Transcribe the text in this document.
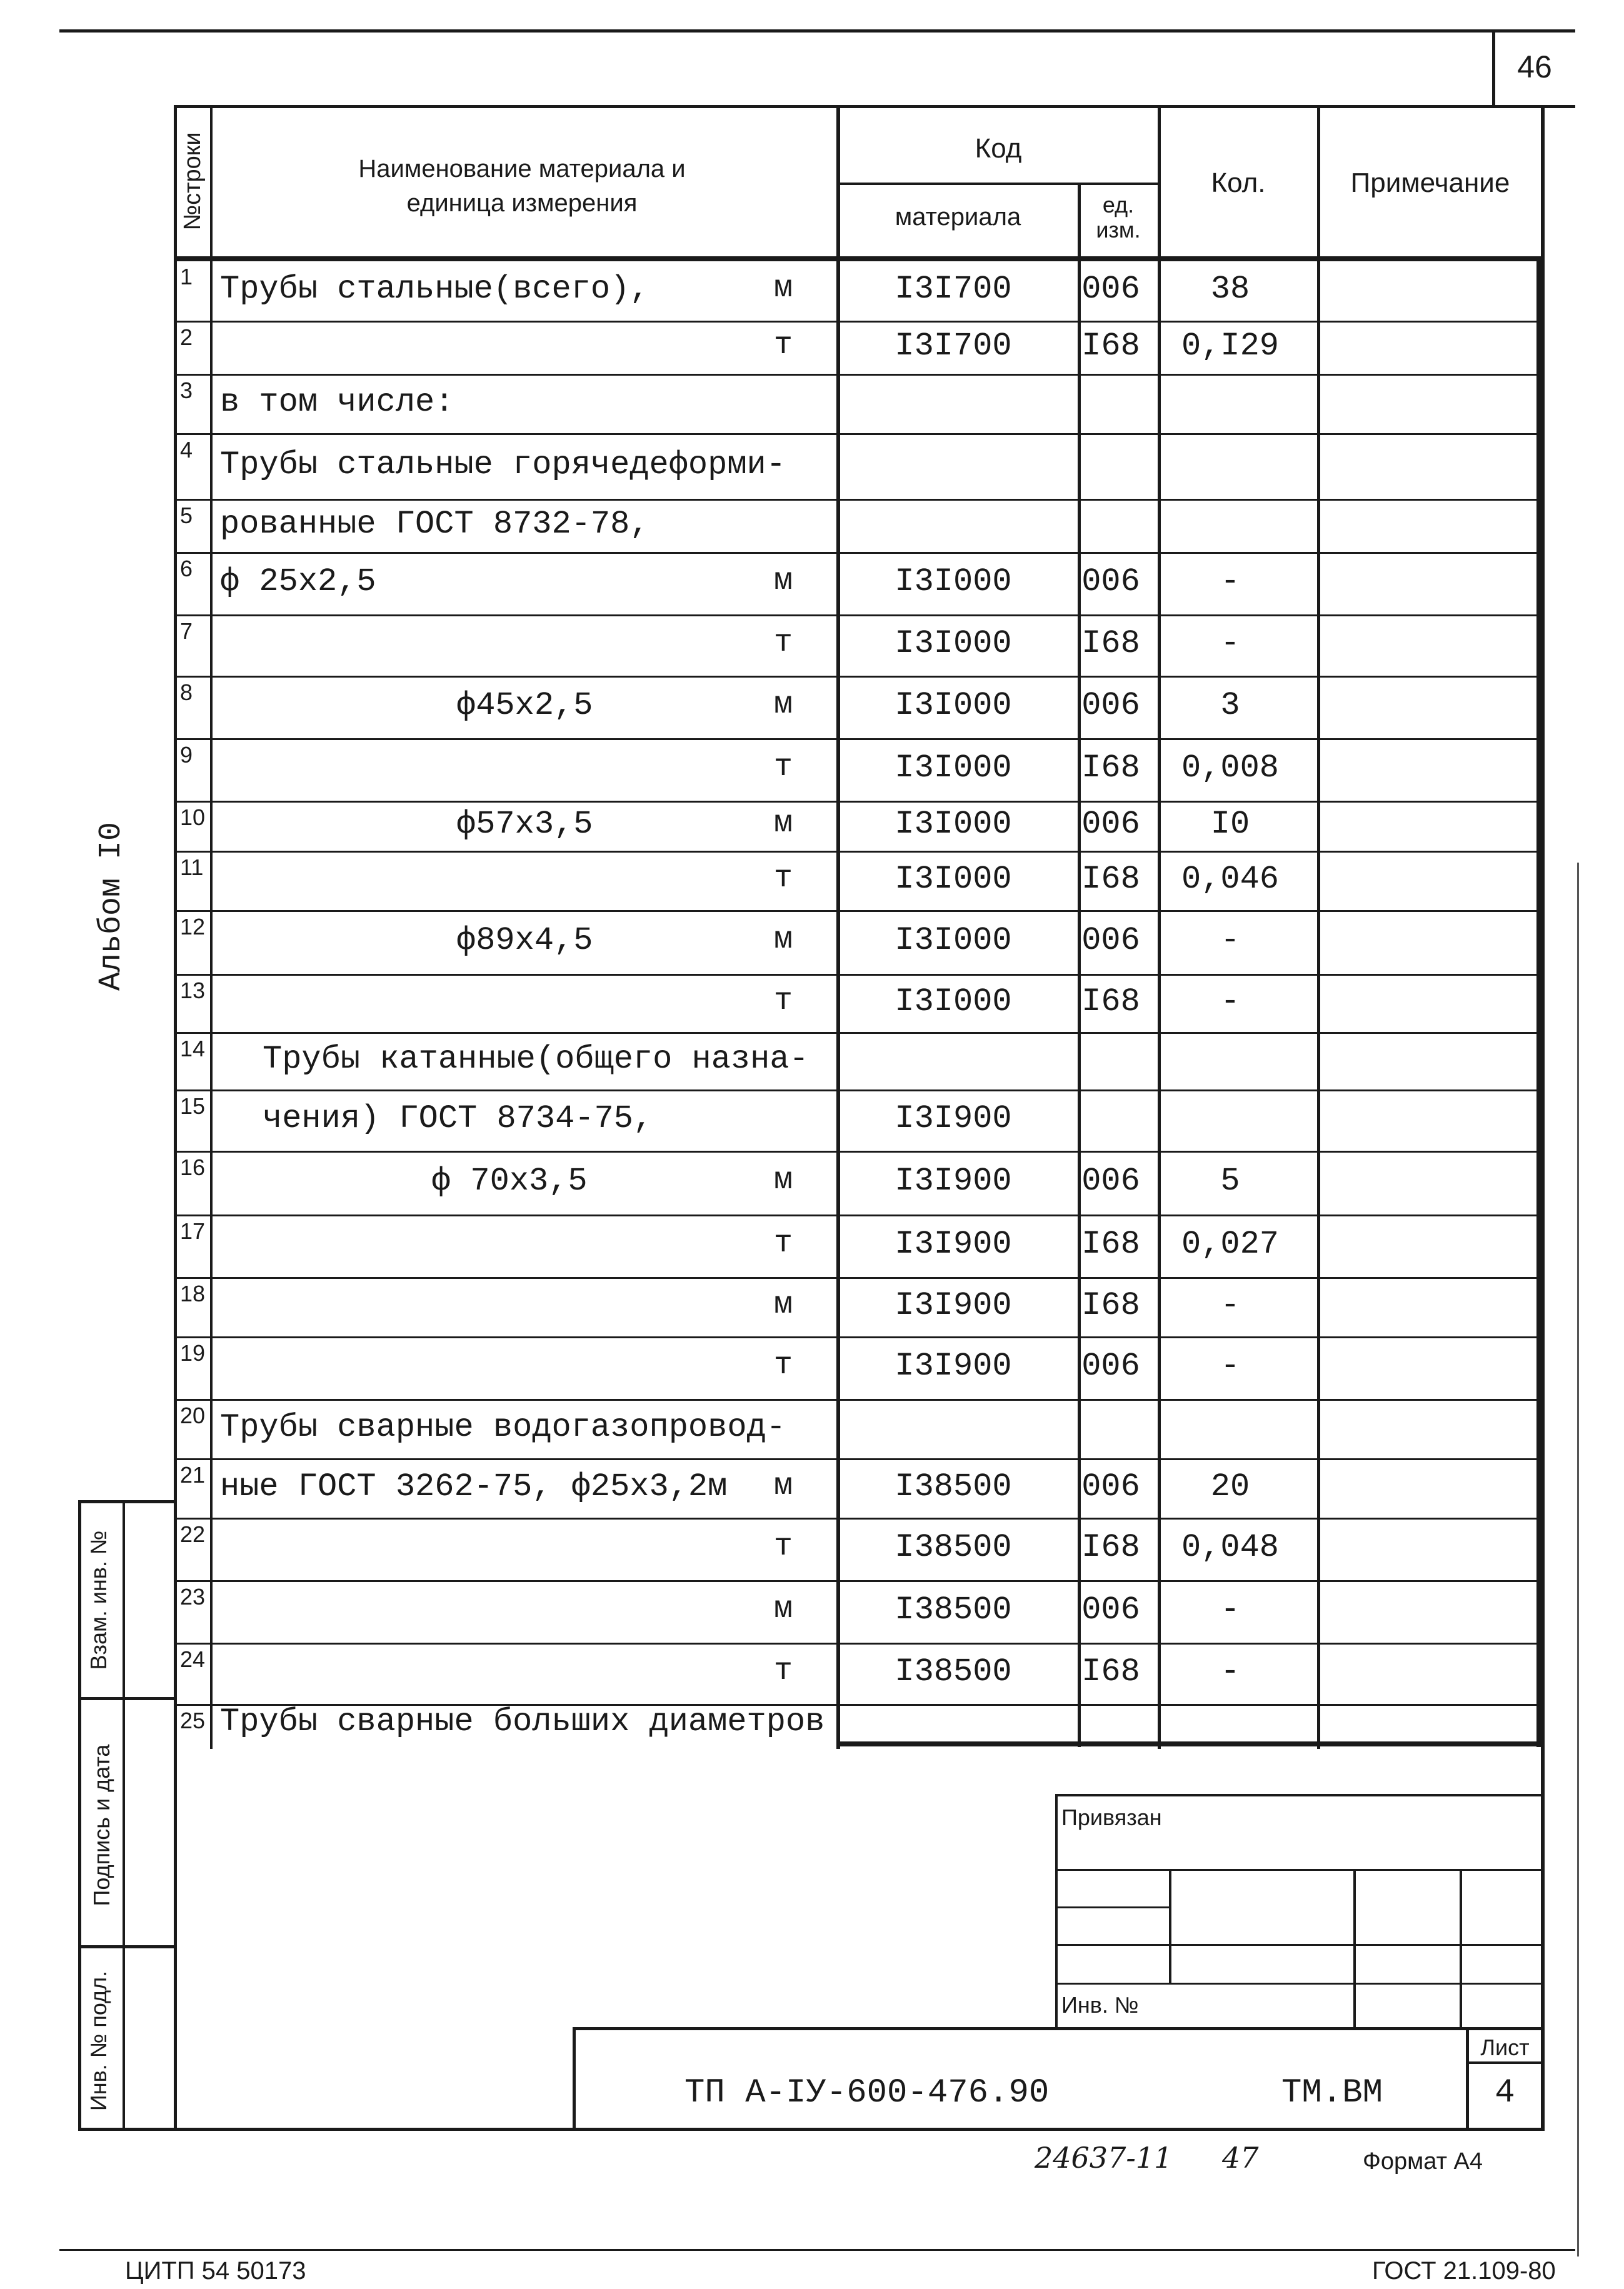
46
№строки	Наименование материала и
единица измерения
Код
материала	ед.
изм.
Кол.	Примечание
1 Трубы стальные(всего),	м	I3I700	006	38
2	т	I3I700	I68	0,I29
3 в том числе:
4 Трубы стальные горячедеформи-
5 рованные ГОСТ 8732-78,
6 ф 25х2,5	м	I3I000	006	-
7	т	I3I000	I68	-
8	ф45х2,5	м	I3I000	006	3
9	т	I3I000	I68	0,008
10	ф57х3,5	м	I3I000	006	I0
11	т	I3I000	I68	0,046
12	ф89х4,5	м	I3I000	006	-
13	т	I3I000	I68	-
14 Трубы катанные(общего назна-
15 чения) ГОСТ 8734-75,	I3I900
16	ф 70х3,5	м	I3I900	006	5
17	т	I3I900	I68	0,027
18	м	I3I900	I68	-
19	т	I3I900	006	-
20 Трубы сварные водогазопровод-
21 ные ГОСТ 3262-75, ф25х3,2м	м	I38500	006	20
22	т	I38500	I68	0,048
23	м	I38500	006	-
24	т	I38500	I68	-
25 Трубы сварные больших диаметров
Альбом I0
Взам. инв. №
Подпись и дата
Инв. № подл.
Привязан
Инв. №
Лист
4
ТП А-IУ-600-476.90	ТМ.ВМ
24637-11 47	Формат А4
ЦИТП 54 50173	ГОСТ 21.109-80
